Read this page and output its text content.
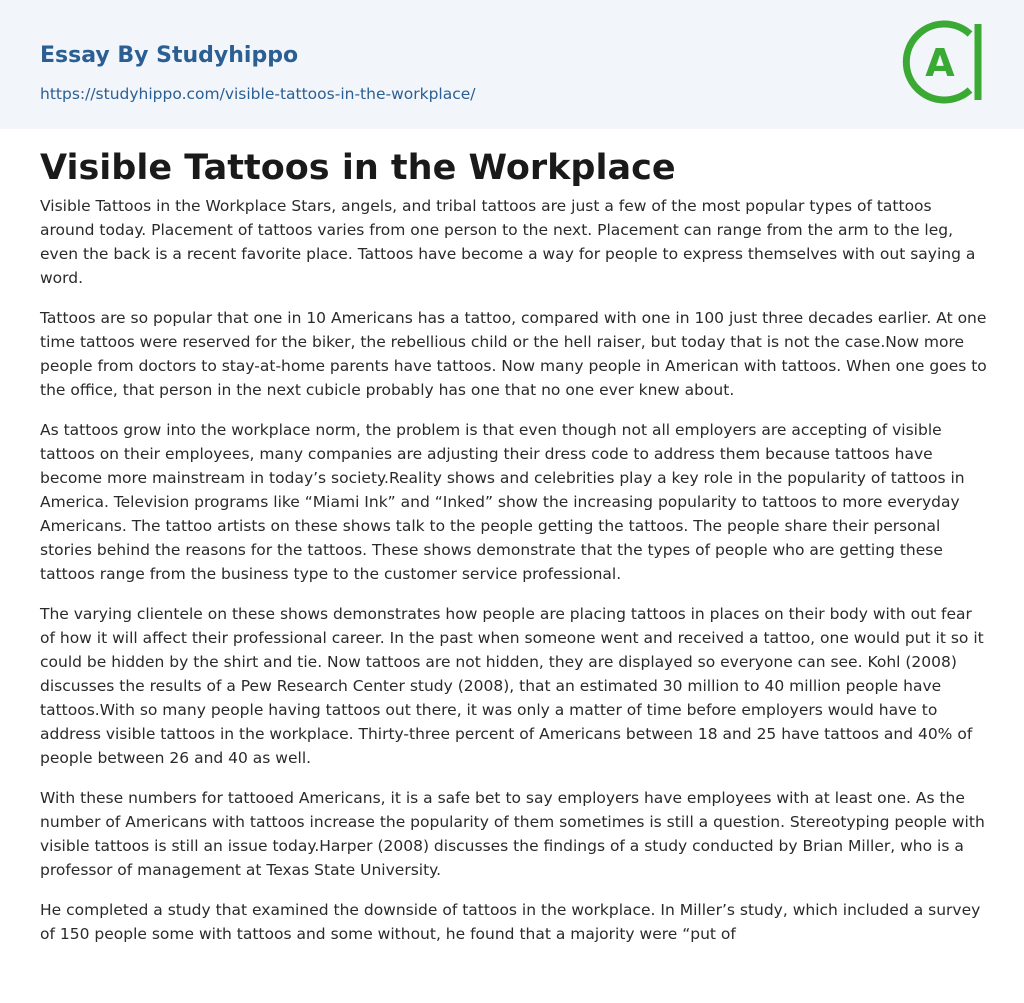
Essay By Studyhippo
https://studyhippo.com/visible-tattoos-in-the-workplace/
A
Visible Tattoos in the Workplace

Visible Tattoos in the Workplace Stars, angels, and tribal tattoos are just a few of the most popular types of tattoos around today. Placement of tattoos varies from one person to the next. Placement can range from the arm to the leg, even the back is a recent favorite place. Tattoos have become a way for people to express themselves with out saying a word.

Tattoos are so popular that one in 10 Americans has a tattoo, compared with one in 100 just three decades earlier. At one time tattoos were reserved for the biker, the rebellious child or the hell raiser, but today that is not the case.Now more people from doctors to stay-at-home parents have tattoos. Now many people in American with tattoos. When one goes to the office, that person in the next cubicle probably has one that no one ever knew about.

As tattoos grow into the workplace norm, the problem is that even though not all employers are accepting of visible tattoos on their employees, many companies are adjusting their dress code to address them because tattoos have become more mainstream in today’s society.Reality shows and celebrities play a key role in the popularity of tattoos in America. Television programs like “Miami Ink” and “Inked” show the increasing popularity to tattoos to more everyday Americans. The tattoo artists on these shows talk to the people getting the tattoos. The people share their personal stories behind the reasons for the tattoos. These shows demonstrate that the types of people who are getting these tattoos range from the business type to the customer service professional.

The varying clientele on these shows demonstrates how people are placing tattoos in places on their body with out fear of how it will affect their professional career. In the past when someone went and received a tattoo, one would put it so it could be hidden by the shirt and tie. Now tattoos are not hidden, they are displayed so everyone can see. Kohl (2008) discusses the results of a Pew Research Center study (2008), that an estimated 30 million to 40 million people have tattoos.With so many people having tattoos out there, it was only a matter of time before employers would have to address visible tattoos in the workplace. Thirty-three percent of Americans between 18 and 25 have tattoos and 40% of people between 26 and 40 as well.

With these numbers for tattooed Americans, it is a safe bet to say employers have employees with at least one. As the number of Americans with tattoos increase the popularity of them sometimes is still a question. Stereotyping people with visible tattoos is still an issue today.Harper (2008) discusses the findings of a study conducted by Brian Miller, who is a professor of management at Texas State University.

He completed a study that examined the downside of tattoos in the workplace. In Miller’s study, which included a survey of 150 people some with tattoos and some without, he found that a majority were “put of
